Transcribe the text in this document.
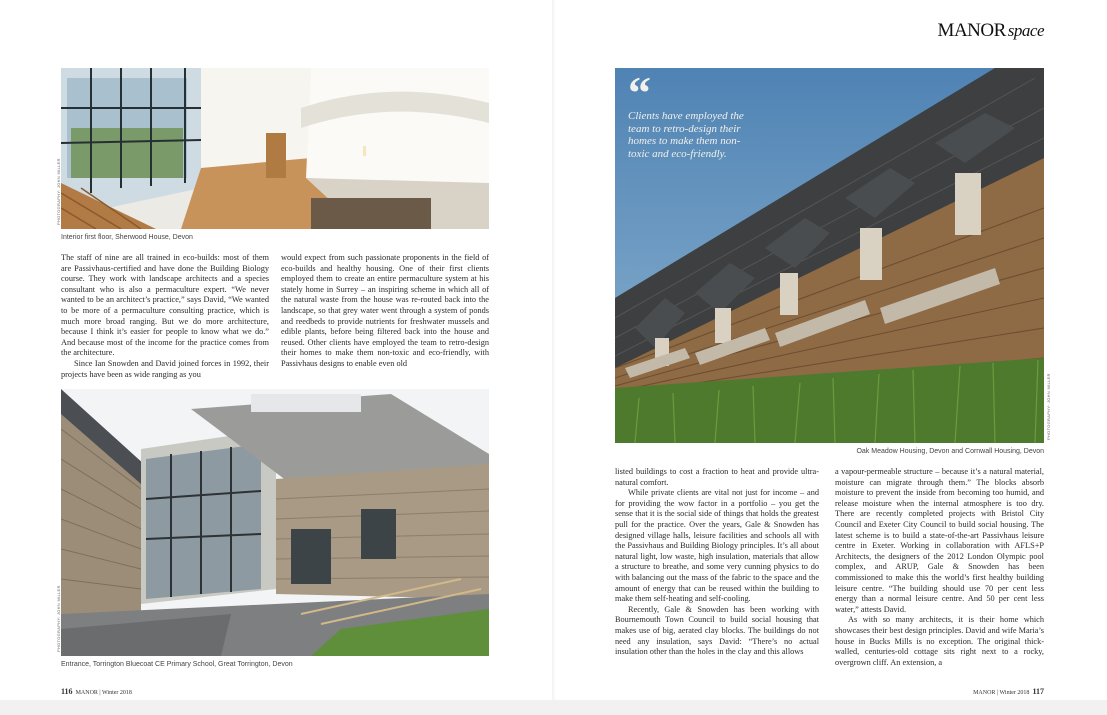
MANOR space
PHOTOGRAPHY: JOHN MILLER
Interior first floor, Sherwood House, Devon

The staff of nine are all trained in eco-builds: most of them are Passivhaus-certified and have done the Building Biology course. They work with landscape architects and a species consultant who is also a permaculture expert. “We never wanted to be an architect’s practice,” says David, “We wanted to be more of a permaculture consulting practice, which is much more broad ranging. But we do more architecture, because I think it’s easier for people to know what we do.” And because most of the income for the practice comes from the architecture.

Since Ian Snowden and David joined forces in 1992, their projects have been as wide ranging as you

would expect from such passionate proponents in the field of eco-builds and healthy housing. One of their first clients employed them to create an entire permaculture system at his stately home in Surrey – an inspiring scheme in which all of the natural waste from the house was re-routed back into the landscape, so that grey water went through a system of ponds and reedbeds to provide nutrients for freshwater mussels and edible plants, before being filtered back into the house and reused. Other clients have employed the team to retro-design their homes to make them non-toxic and eco-friendly, with Passivhaus designs to enable even old

PHOTOGRAPHY: JOHN MILLER
Entrance, Torrington Bluecoat CE Primary School, Great Torrington, Devon
“
Clients have employed the team to retro-design their homes to make them non-toxic and eco-friendly.
PHOTOGRAPHY: JOHN MILLER
Oak Meadow Housing, Devon and Cornwall Housing, Devon

listed buildings to cost a fraction to heat and provide ultra-natural comfort.

While private clients are vital not just for income – and for providing the wow factor in a portfolio – you get the sense that it is the social side of things that holds the greatest pull for the practice. Over the years, Gale & Snowden has designed village halls, leisure facilities and schools all with the Passivhaus and Building Biology principles. It’s all about natural light, low waste, high insulation, materials that allow a structure to breathe, and some very cunning physics to do with balancing out the mass of the fabric to the space and the amount of energy that can be reused within the building to make them self-heating and self-cooling.

Recently, Gale & Snowden has been working with Bournemouth Town Council to build social housing that makes use of big, aerated clay blocks. The buildings do not need any insulation, says David: “There’s no actual insulation other than the holes in the clay and this allows

a vapour-permeable structure – because it’s a natural material, moisture can migrate through them.” The blocks absorb moisture to prevent the inside from becoming too humid, and release moisture when the internal atmosphere is too dry. There are recently completed projects with Bristol City Council and Exeter City Council to build social housing. The latest scheme is to build a state-of-the-art Passivhaus leisure centre in Exeter. Working in collaboration with AFLS+P Architects, the designers of the 2012 London Olympic pool complex, and ARUP, Gale & Snowden has been commissioned to make this the world’s first healthy building leisure centre. “The building should use 70 per cent less energy than a normal leisure centre. And 50 per cent less water,” attests David.

As with so many architects, it is their home which showcases their best design principles. David and wife Maria’s house in Bucks Mills is no exception. The original thick-walled, centuries-old cottage sits right next to a rocky, overgrown cliff. An extension, a

116 MANOR | Winter 2018	MANOR | Winter 2018 117
